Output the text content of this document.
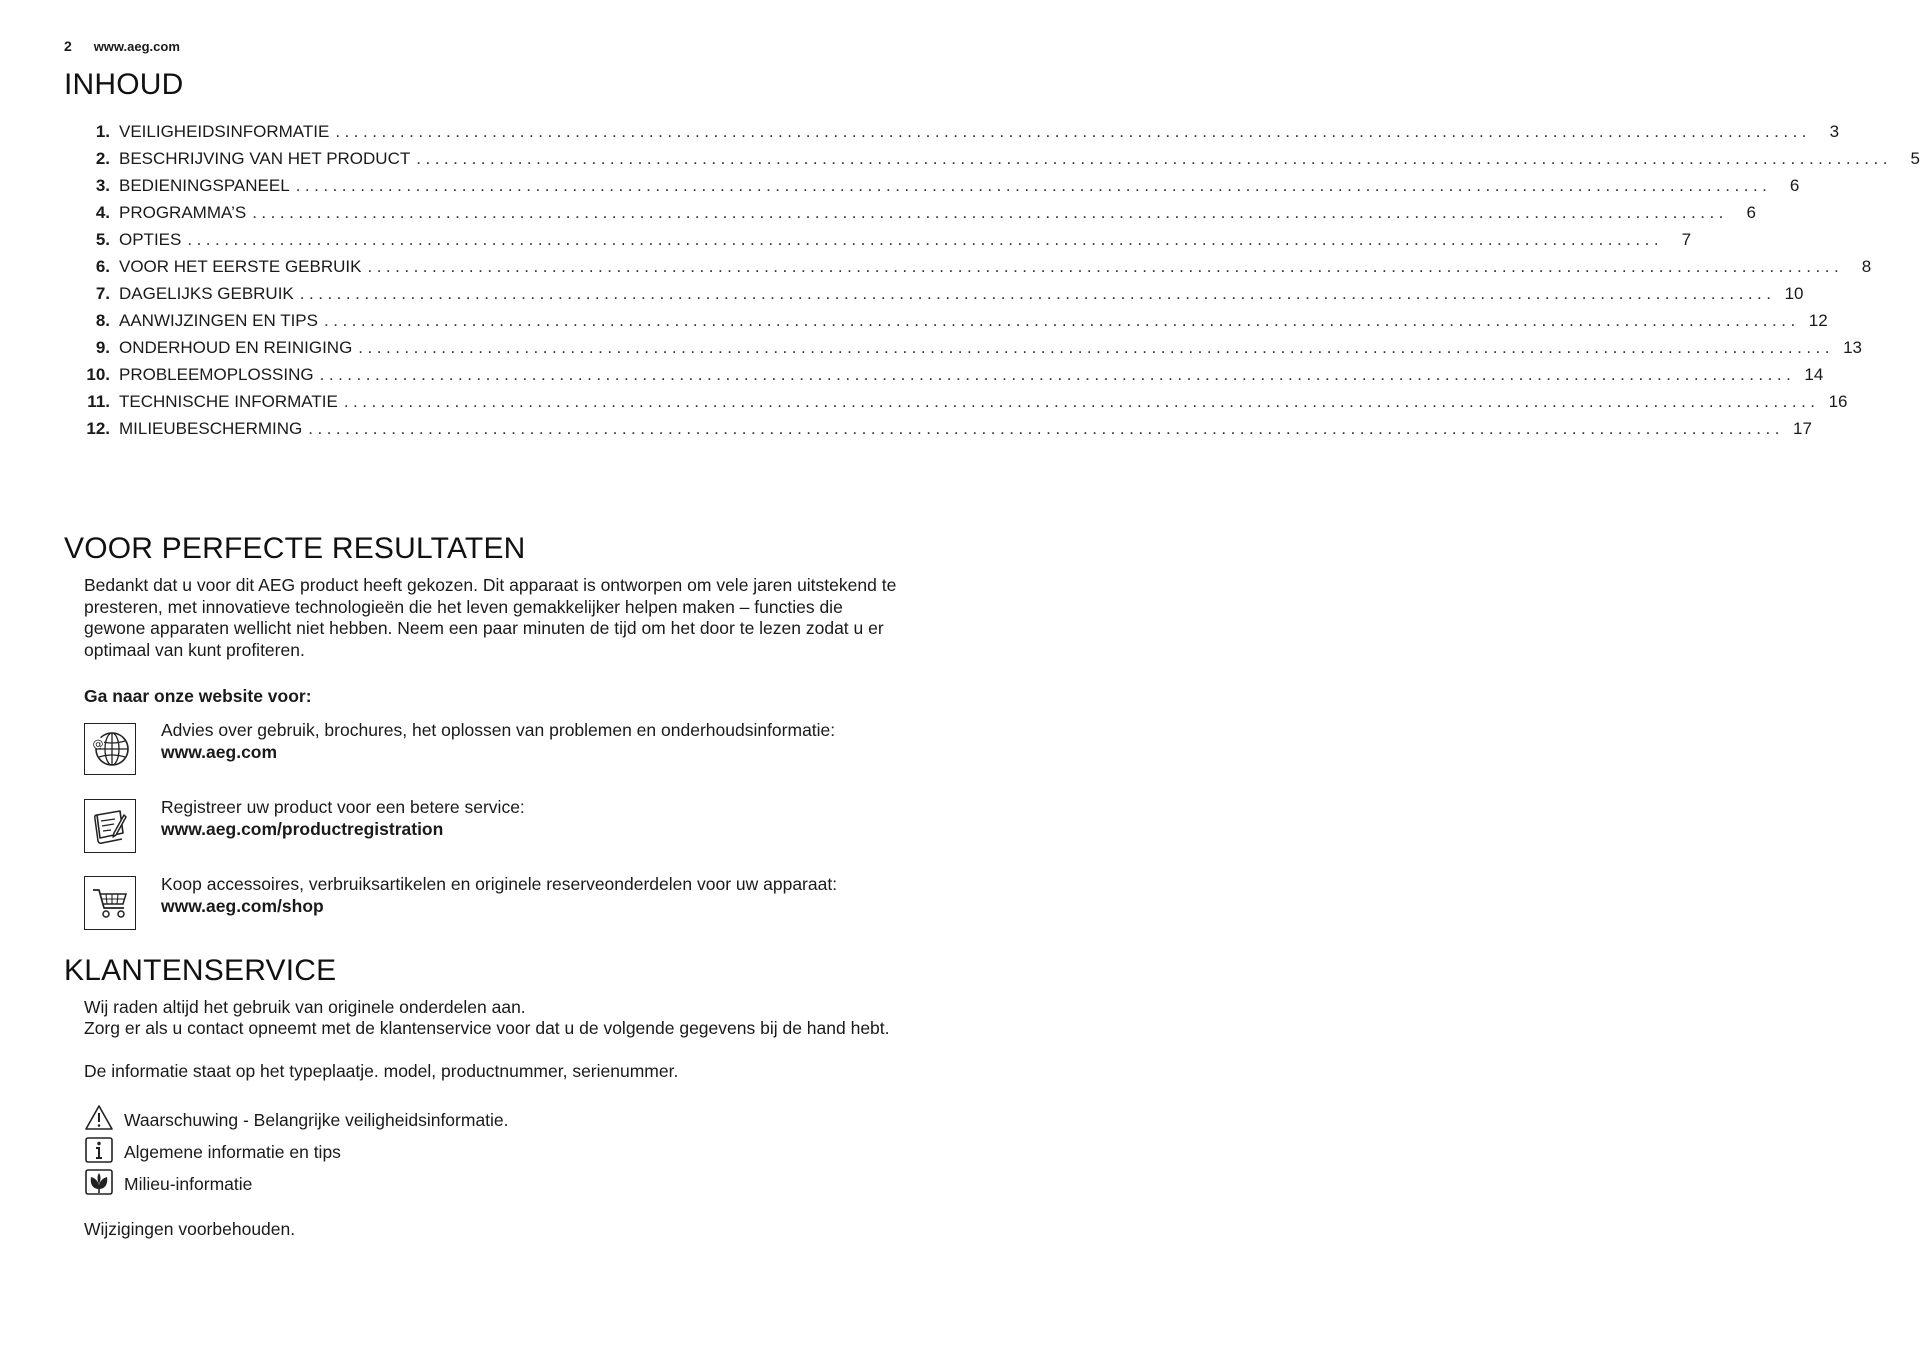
2 www.aeg.com
INHOUD
1. VEILIGHEIDSINFORMATIE ................................................................................................................................................................	3
2. BESCHRIJVING VAN HET PRODUCT ................................................................................................................................................................	5
3. BEDIENINGSPANEEL ................................................................................................................................................................	6
4. PROGRAMMA’S ................................................................................................................................................................	6
5. OPTIES ................................................................................................................................................................	7
6. VOOR HET EERSTE GEBRUIK ................................................................................................................................................................	8
7. DAGELIJKS GEBRUIK ................................................................................................................................................................ 10
8. AANWIJZINGEN EN TIPS ................................................................................................................................................................ 12
9. ONDERHOUD EN REINIGING ................................................................................................................................................................ 13
10. PROBLEEMOPLOSSING ................................................................................................................................................................ 14
11. TECHNISCHE INFORMATIE ................................................................................................................................................................ 16
12. MILIEUBESCHERMING ................................................................................................................................................................ 17
VOOR PERFECTE RESULTATEN

Bedankt dat u voor dit AEG product heeft gekozen. Dit apparaat is ontworpen om vele jaren uitstekend te presteren, met innovatieve technologieën die het leven gemakkelijker helpen maken – functies die gewone apparaten wellicht niet hebben. Neem een paar minuten de tijd om het door te lezen zodat u er optimaal van kunt profiteren.

Ga naar onze website voor:

@
Advies over gebruik, brochures, het oplossen van problemen en onderhoudsinformatie:
www.aeg.com
Registreer uw product voor een betere service:
www.aeg.com/productregistration
Koop accessoires, verbruiksartikelen en originele reserveonderdelen voor uw apparaat:
www.aeg.com/shop
KLANTENSERVICE

Wij raden altijd het gebruik van originele onderdelen aan.

Zorg er als u contact opneemt met de klantenservice voor dat u de volgende gegevens bij de hand hebt.

De informatie staat op het typeplaatje. model, productnummer, serienummer.

Waarschuwing - Belangrijke veiligheidsinformatie.
Algemene informatie en tips
Milieu-informatie

Wijzigingen voorbehouden.
